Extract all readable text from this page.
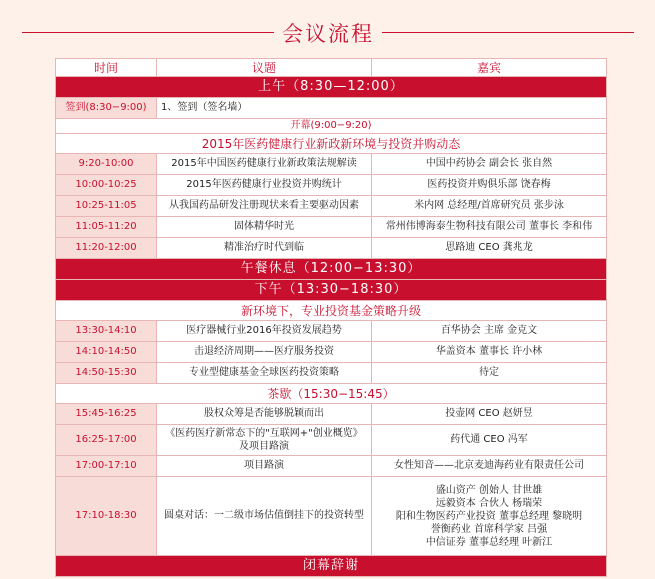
会议流程
时间	议题	嘉宾
上午（8:30—12:00）		
签到(8:30−9:00)	1、签到（签名墙）	
开幕(9:00−9:20)		
2015年医药健康行业新政新环境与投资并购动态		
9:20-10:00	2015年中国医药健康行业新政策法规解读	中国中药协会 副会长 张自然
10:00-10:25	2015年医药健康行业投资并购统计	医药投资并购俱乐部 饶春梅
10:25-11:05	从我国药品研发注册现状来看主要驱动因素	米内网 总经理/首席研究员 张步泳
11:05-11:20	固体精华时光	常州伟博海泰生物科技有限公司 董事长 李和伟
11:20-12:00	精准治疗时代到临	思路迪 CEO 龚兆龙
午餐休息（12:00−13:30）		
下午（13:30−18:30）		
新环境下，专业投资基金策略升级		
13:30-14:10	医疗器械行业2016年投资发展趋势	百华协会 主席 金克文
14:10-14:50	击退经济周期——医疗服务投资	华盖资本 董事长 许小林
14:50-15:30	专业型健康基金全球医药投资策略	待定
茶歇（15:30−15:45）		
15:45-16:25	股权众筹是否能够脱颖而出	投壶网 CEO 赵妍昱
16:25-17:00	《医药医疗新常态下的"互联网+"创业概览》
及项目路演	药代通 CEO 冯军
17:00-17:10	项目路演	女性知音——北京麦迪海药业有限责任公司
17:10-18:30	圆桌对话：一二级市场估值倒挂下的投资转型	盛山资产 创始人 甘世雄
远毅资本 合伙人 杨瑞荣
阳和生物医药产业投资 董事总经理 黎晓明
誉衡药业 首席科学家 吕强
中信证券 董事总经理 叶新江

闭幕辞谢		
